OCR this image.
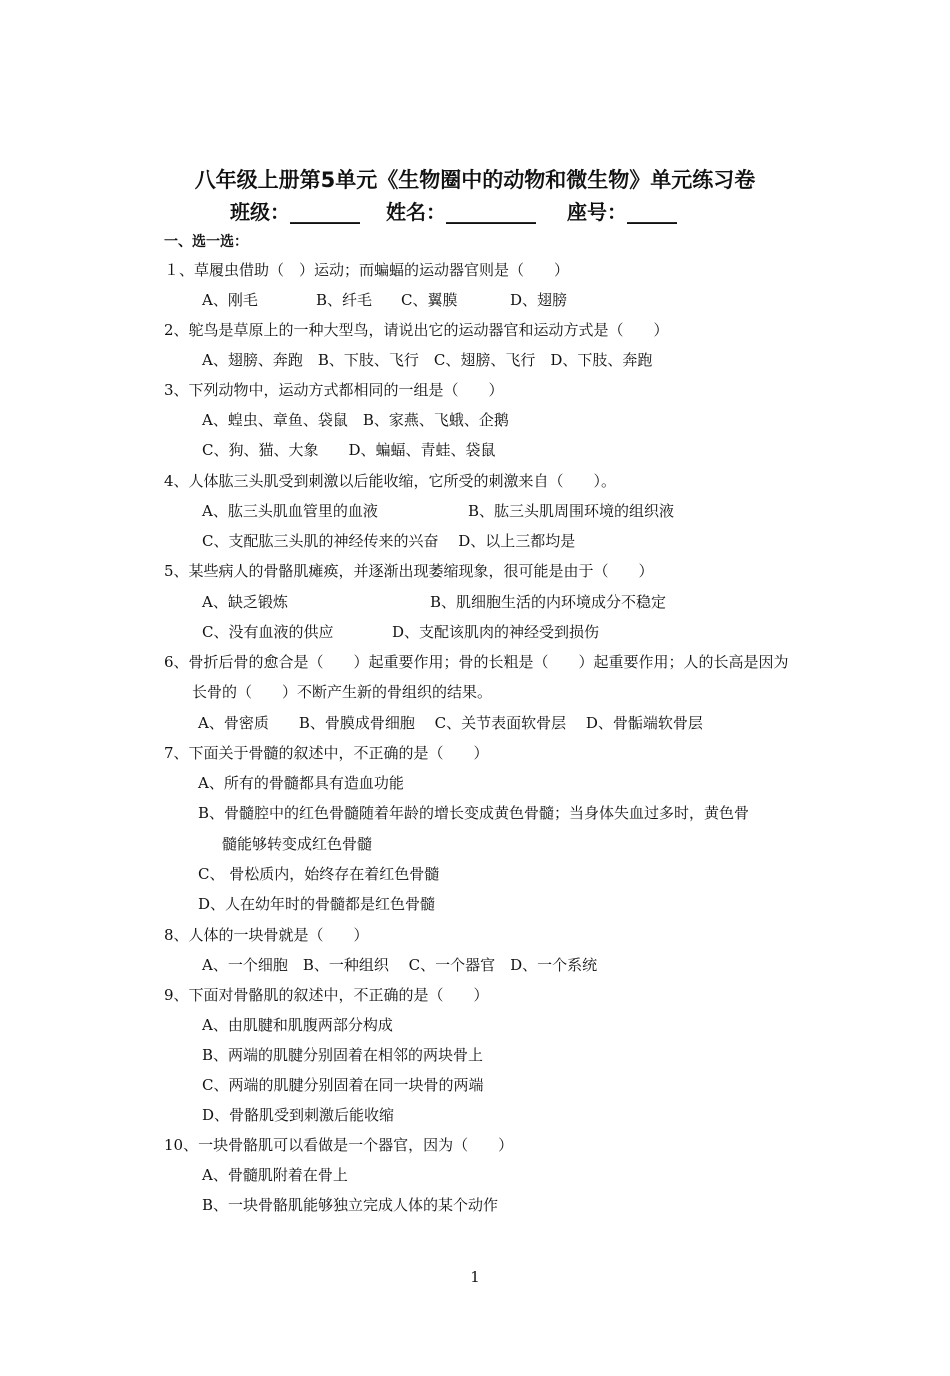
八年级上册第5单元《生物圈中的动物和微生物》单元练习卷
班级：_______ 姓名：_________ 座号：_____
一、选一选：
１、草履虫借助（　）运动；而蝙蝠的运动器官则是（　　）
A、刚毛	B、纤毛 C、翼膜	D、翅膀
2、鸵鸟是草原上的一种大型鸟，请说出它的运动器官和运动方式是（　　）
A、翅膀、奔跑　B、下肢、飞行　C、翅膀、飞行　D、下肢、奔跑
3、下列动物中，运动方式都相同的一组是（　　）
A、蝗虫、章鱼、袋鼠　B、家燕、飞蛾、企鹅
C、狗、猫、大象　　D、蝙蝠、青蛙、袋鼠
4、人体肱三头肌受到刺激以后能收缩，它所受的刺激来自（　　）。
A、肱三头肌血管里的血液	B、肱三头肌周围环境的组织液
C、支配肱三头肌的神经传来的兴奋　 D、以上三都均是
5、某些病人的骨骼肌瘫痪，并逐渐出现萎缩现象，很可能是由于（　　）
A、缺乏锻炼	B、肌细胞生活的内环境成分不稳定
C、没有血液的供应	D、支配该肌肉的神经受到损伤
6、骨折后骨的愈合是（　　）起重要作用；骨的长粗是（　　）起重要作用；人的长高是因为
长骨的（　　）不断产生新的骨组织的结果。
A、骨密质　　B、骨膜成骨细胞　 C、关节表面软骨层　 D、骨骺端软骨层
7、下面关于骨髓的叙述中，不正确的是（　　）
A、所有的骨髓都具有造血功能
B、骨髓腔中的红色骨髓随着年龄的增长变成黄色骨髓；当身体失血过多时，黄色骨
髓能够转变成红色骨髓
C、 骨松质内，始终存在着红色骨髓
D、人在幼年时的骨髓都是红色骨髓
8、人体的一块骨就是（　　）
A、一个细胞　B、一种组织　 C、一个器官　D、一个系统
9、下面对骨骼肌的叙述中，不正确的是（　　）
A、由肌腱和肌腹两部分构成
B、两端的肌腱分别固着在相邻的两块骨上
C、两端的肌腱分别固着在同一块骨的两端
D、骨骼肌受到刺激后能收缩
10、一块骨骼肌可以看做是一个器官，因为（　　）
A、骨髓肌附着在骨上
B、一块骨骼肌能够独立完成人体的某个动作
1
